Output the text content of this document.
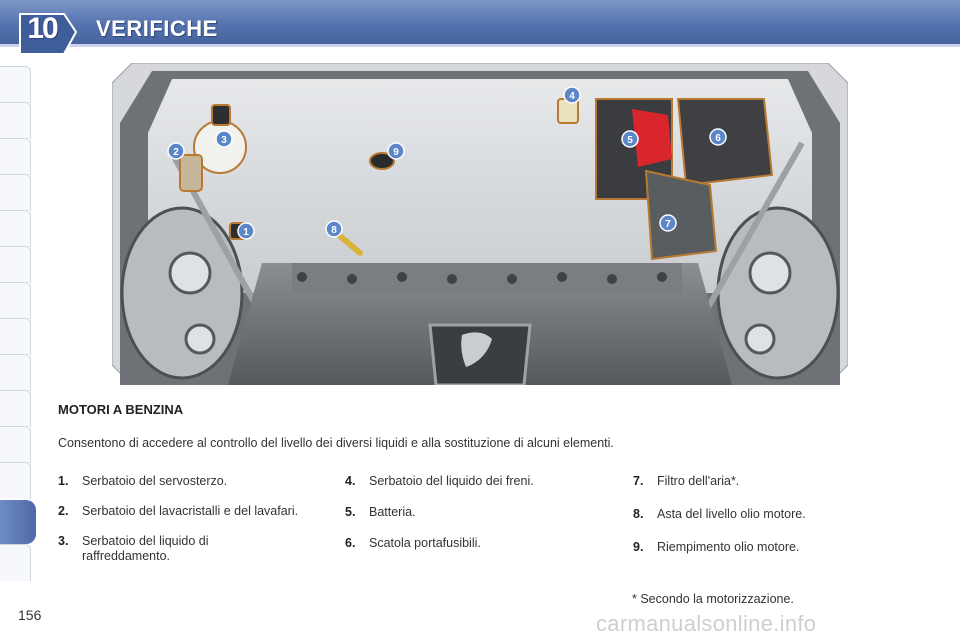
10	VERIFICHE
1
2
3
4
5	6
7
8
9
MOTORI A BENZINA
Consentono di accedere al controllo del livello dei diversi liquidi e alla sostituzione di alcuni elementi.
1. Serbatoio del servosterzo.
2. Serbatoio del lavacristalli e del lavafari.
3. Serbatoio del liquido di raffreddamento.
4. Serbatoio del liquido dei freni.
5. Batteria.
6. Scatola portafusibili.
7. Filtro dell'aria*.
8. Asta del livello olio motore.
9. Riempimento olio motore.
* Secondo la motorizzazione.
156	carmanualsonline.info
